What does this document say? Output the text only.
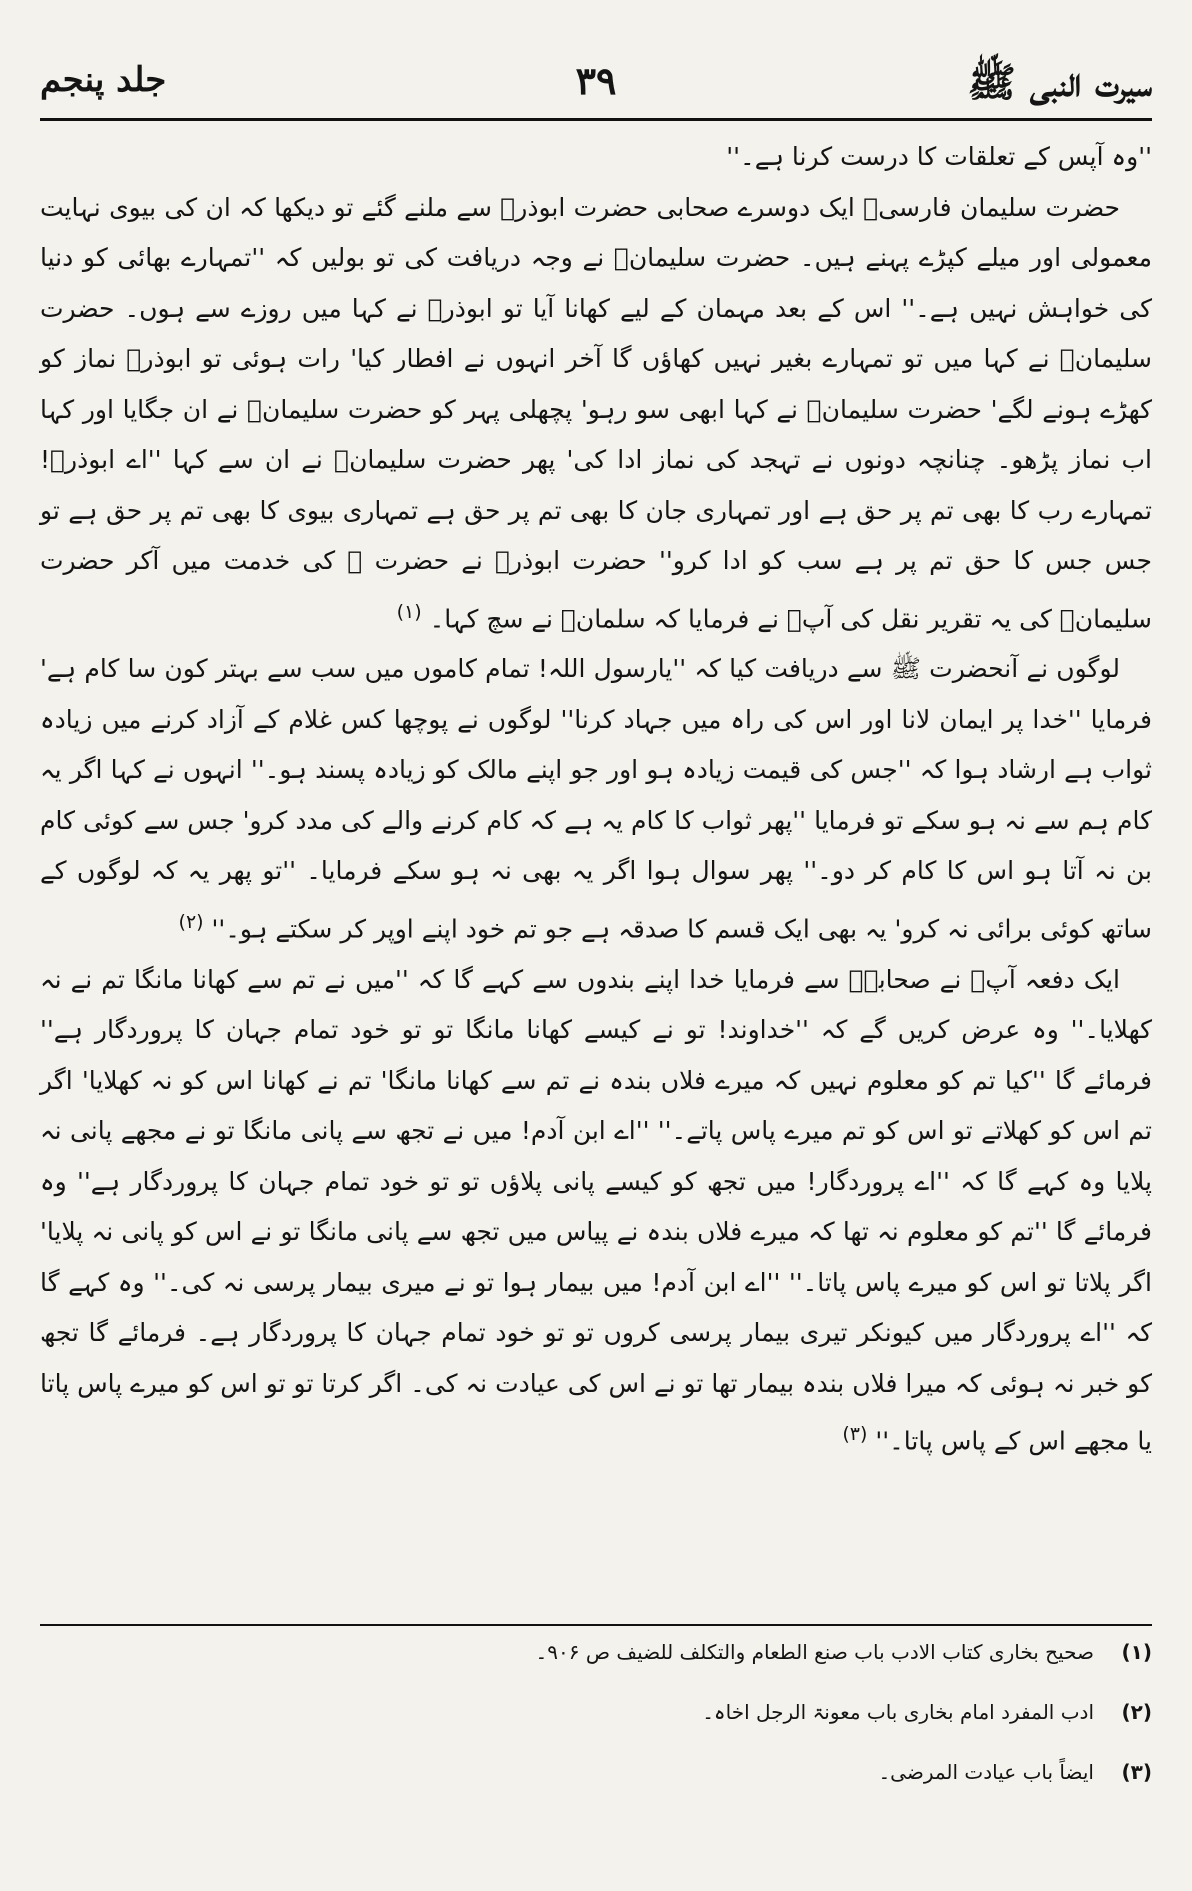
سیرت النبی ﷺ
۳۹
جلد پنجم

''وہ آپس کے تعلقات کا درست کرنا ہے۔''

حضرت سلیمان فارسیؓ ایک دوسرے صحابی حضرت ابوذرؓ سے ملنے گئے تو دیکھا کہ ان کی بیوی نہایت معمولی اور میلے کپڑے پہنے ہیں۔ حضرت سلیمانؓ نے وجہ دریافت کی تو بولیں کہ ''تمہارے بھائی کو دنیا کی خواہش نہیں ہے۔'' اس کے بعد مہمان کے لیے کھانا آیا تو ابوذرؓ نے کہا میں روزے سے ہوں۔ حضرت سلیمانؓ نے کہا میں تو تمہارے بغیر نہیں کھاؤں گا آخر انہوں نے افطار کیا' رات ہوئی تو ابوذرؓ نماز کو کھڑے ہونے لگے' حضرت سلیمانؓ نے کہا ابھی سو رہو' پچھلی پہر کو حضرت سلیمانؓ نے ان جگایا اور کہا اب نماز پڑھو۔ چنانچہ دونوں نے تہجد کی نماز ادا کی' پھر حضرت سلیمانؓ نے ان سے کہا ''اے ابوذرؓ! تمہارے رب کا بھی تم پر حق ہے اور تمہاری جان کا بھی تم پر حق ہے تمہاری بیوی کا بھی تم پر حق ہے تو جس جس کا حق تم پر ہے سب کو ادا کرو'' حضرت ابوذرؓ نے حضرت ﷺ کی خدمت میں آکر حضرت سلیمانؓ کی یہ تقریر نقل کی آپؐ نے فرمایا کہ سلمانؓ نے سچ کہا۔ $^{(۱)}$

لوگوں نے آنحضرت ﷺ سے دریافت کیا کہ ''یارسول اللہ! تمام کاموں میں سب سے بہتر کون سا کام ہے' فرمایا ''خدا پر ایمان لانا اور اس کی راہ میں جہاد کرنا'' لوگوں نے پوچھا کس غلام کے آزاد کرنے میں زیادہ ثواب ہے ارشاد ہوا کہ ''جس کی قیمت زیادہ ہو اور جو اپنے مالک کو زیادہ پسند ہو۔'' انہوں نے کہا اگر یہ کام ہم سے نہ ہو سکے تو فرمایا ''پھر ثواب کا کام یہ ہے کہ کام کرنے والے کی مدد کرو' جس سے کوئی کام بن نہ آتا ہو اس کا کام کر دو۔'' پھر سوال ہوا اگر یہ بھی نہ ہو سکے فرمایا۔ ''تو پھر یہ کہ لوگوں کے ساتھ کوئی برائی نہ کرو' یہ بھی ایک قسم کا صدقہ ہے جو تم خود اپنے اوپر کر سکتے ہو۔'' $^{(۲)}$

ایک دفعہ آپؐ نے صحابہؓ سے فرمایا خدا اپنے بندوں سے کہے گا کہ ''میں نے تم سے کھانا مانگا تم نے نہ کھلایا۔'' وہ عرض کریں گے کہ ''خداوند! تو نے کیسے کھانا مانگا تو تو خود تمام جہان کا پروردگار ہے'' فرمائے گا ''کیا تم کو معلوم نہیں کہ میرے فلاں بندہ نے تم سے کھانا مانگا' تم نے کھانا اس کو نہ کھلایا' اگر تم اس کو کھلاتے تو اس کو تم میرے پاس پاتے۔'' ''اے ابن آدم! میں نے تجھ سے پانی مانگا تو نے مجھے پانی نہ پلایا وہ کہے گا کہ ''اے پروردگار! میں تجھ کو کیسے پانی پلاؤں تو تو خود تمام جہان کا پروردگار ہے'' وہ فرمائے گا ''تم کو معلوم نہ تھا کہ میرے فلاں بندہ نے پیاس میں تجھ سے پانی مانگا تو نے اس کو پانی نہ پلایا' اگر پلاتا تو اس کو میرے پاس پاتا۔'' ''اے ابن آدم! میں بیمار ہوا تو نے میری بیمار پرسی نہ کی۔'' وہ کہے گا کہ ''اے پروردگار میں کیونکر تیری بیمار پرسی کروں تو تو خود تمام جہان کا پروردگار ہے۔ فرمائے گا تجھ کو خبر نہ ہوئی کہ میرا فلاں بندہ بیمار تھا تو نے اس کی عیادت نہ کی۔ اگر کرتا تو تو اس کو میرے پاس پاتا یا مجھے اس کے پاس پاتا۔'' $^{(۳)}$

(۱)
صحیح بخاری کتاب الادب باب صنع الطعام والتکلف للضیف ص ۹۰۶۔
(۲)
ادب المفرد امام بخاری باب معونۃ الرجل اخاہ۔
(۳)
ایضاً باب عیادت المرضی۔
